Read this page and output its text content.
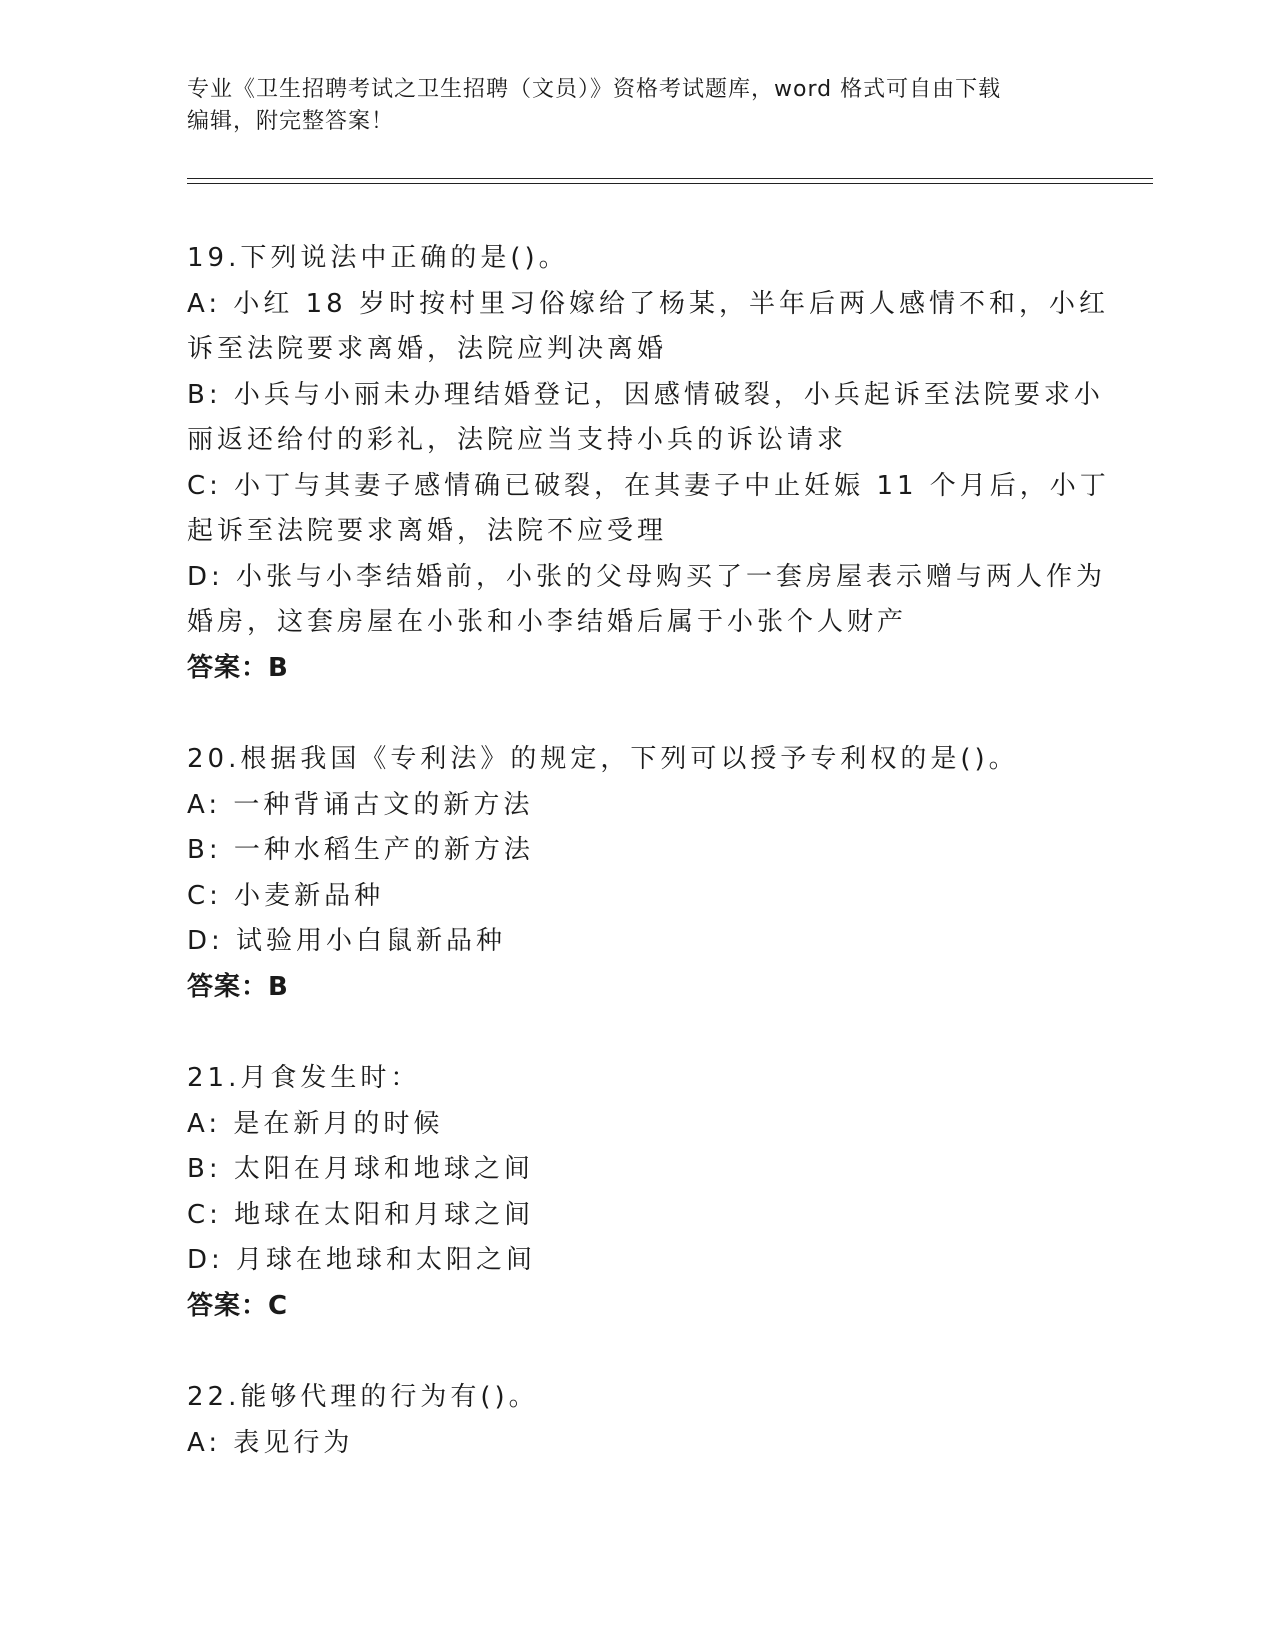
专业《卫生招聘考试之卫生招聘（文员）》资格考试题库，word 格式可自由下载
编辑，附完整答案！
19.下列说法中正确的是()。
A: 小红 18 岁时按村里习俗嫁给了杨某，半年后两人感情不和，小红
诉至法院要求离婚，法院应判决离婚
B: 小兵与小丽未办理结婚登记，因感情破裂，小兵起诉至法院要求小
丽返还给付的彩礼，法院应当支持小兵的诉讼请求
C: 小丁与其妻子感情确已破裂，在其妻子中止妊娠 11 个月后，小丁
起诉至法院要求离婚，法院不应受理
D: 小张与小李结婚前，小张的父母购买了一套房屋表示赠与两人作为
婚房，这套房屋在小张和小李结婚后属于小张个人财产
答案：B
20.根据我国《专利法》的规定，下列可以授予专利权的是()。
A: 一种背诵古文的新方法
B: 一种水稻生产的新方法
C: 小麦新品种
D: 试验用小白鼠新品种
答案：B
21.月食发生时：
A: 是在新月的时候
B: 太阳在月球和地球之间
C: 地球在太阳和月球之间
D: 月球在地球和太阳之间
答案：C
22.能够代理的行为有()。
A: 表见行为
